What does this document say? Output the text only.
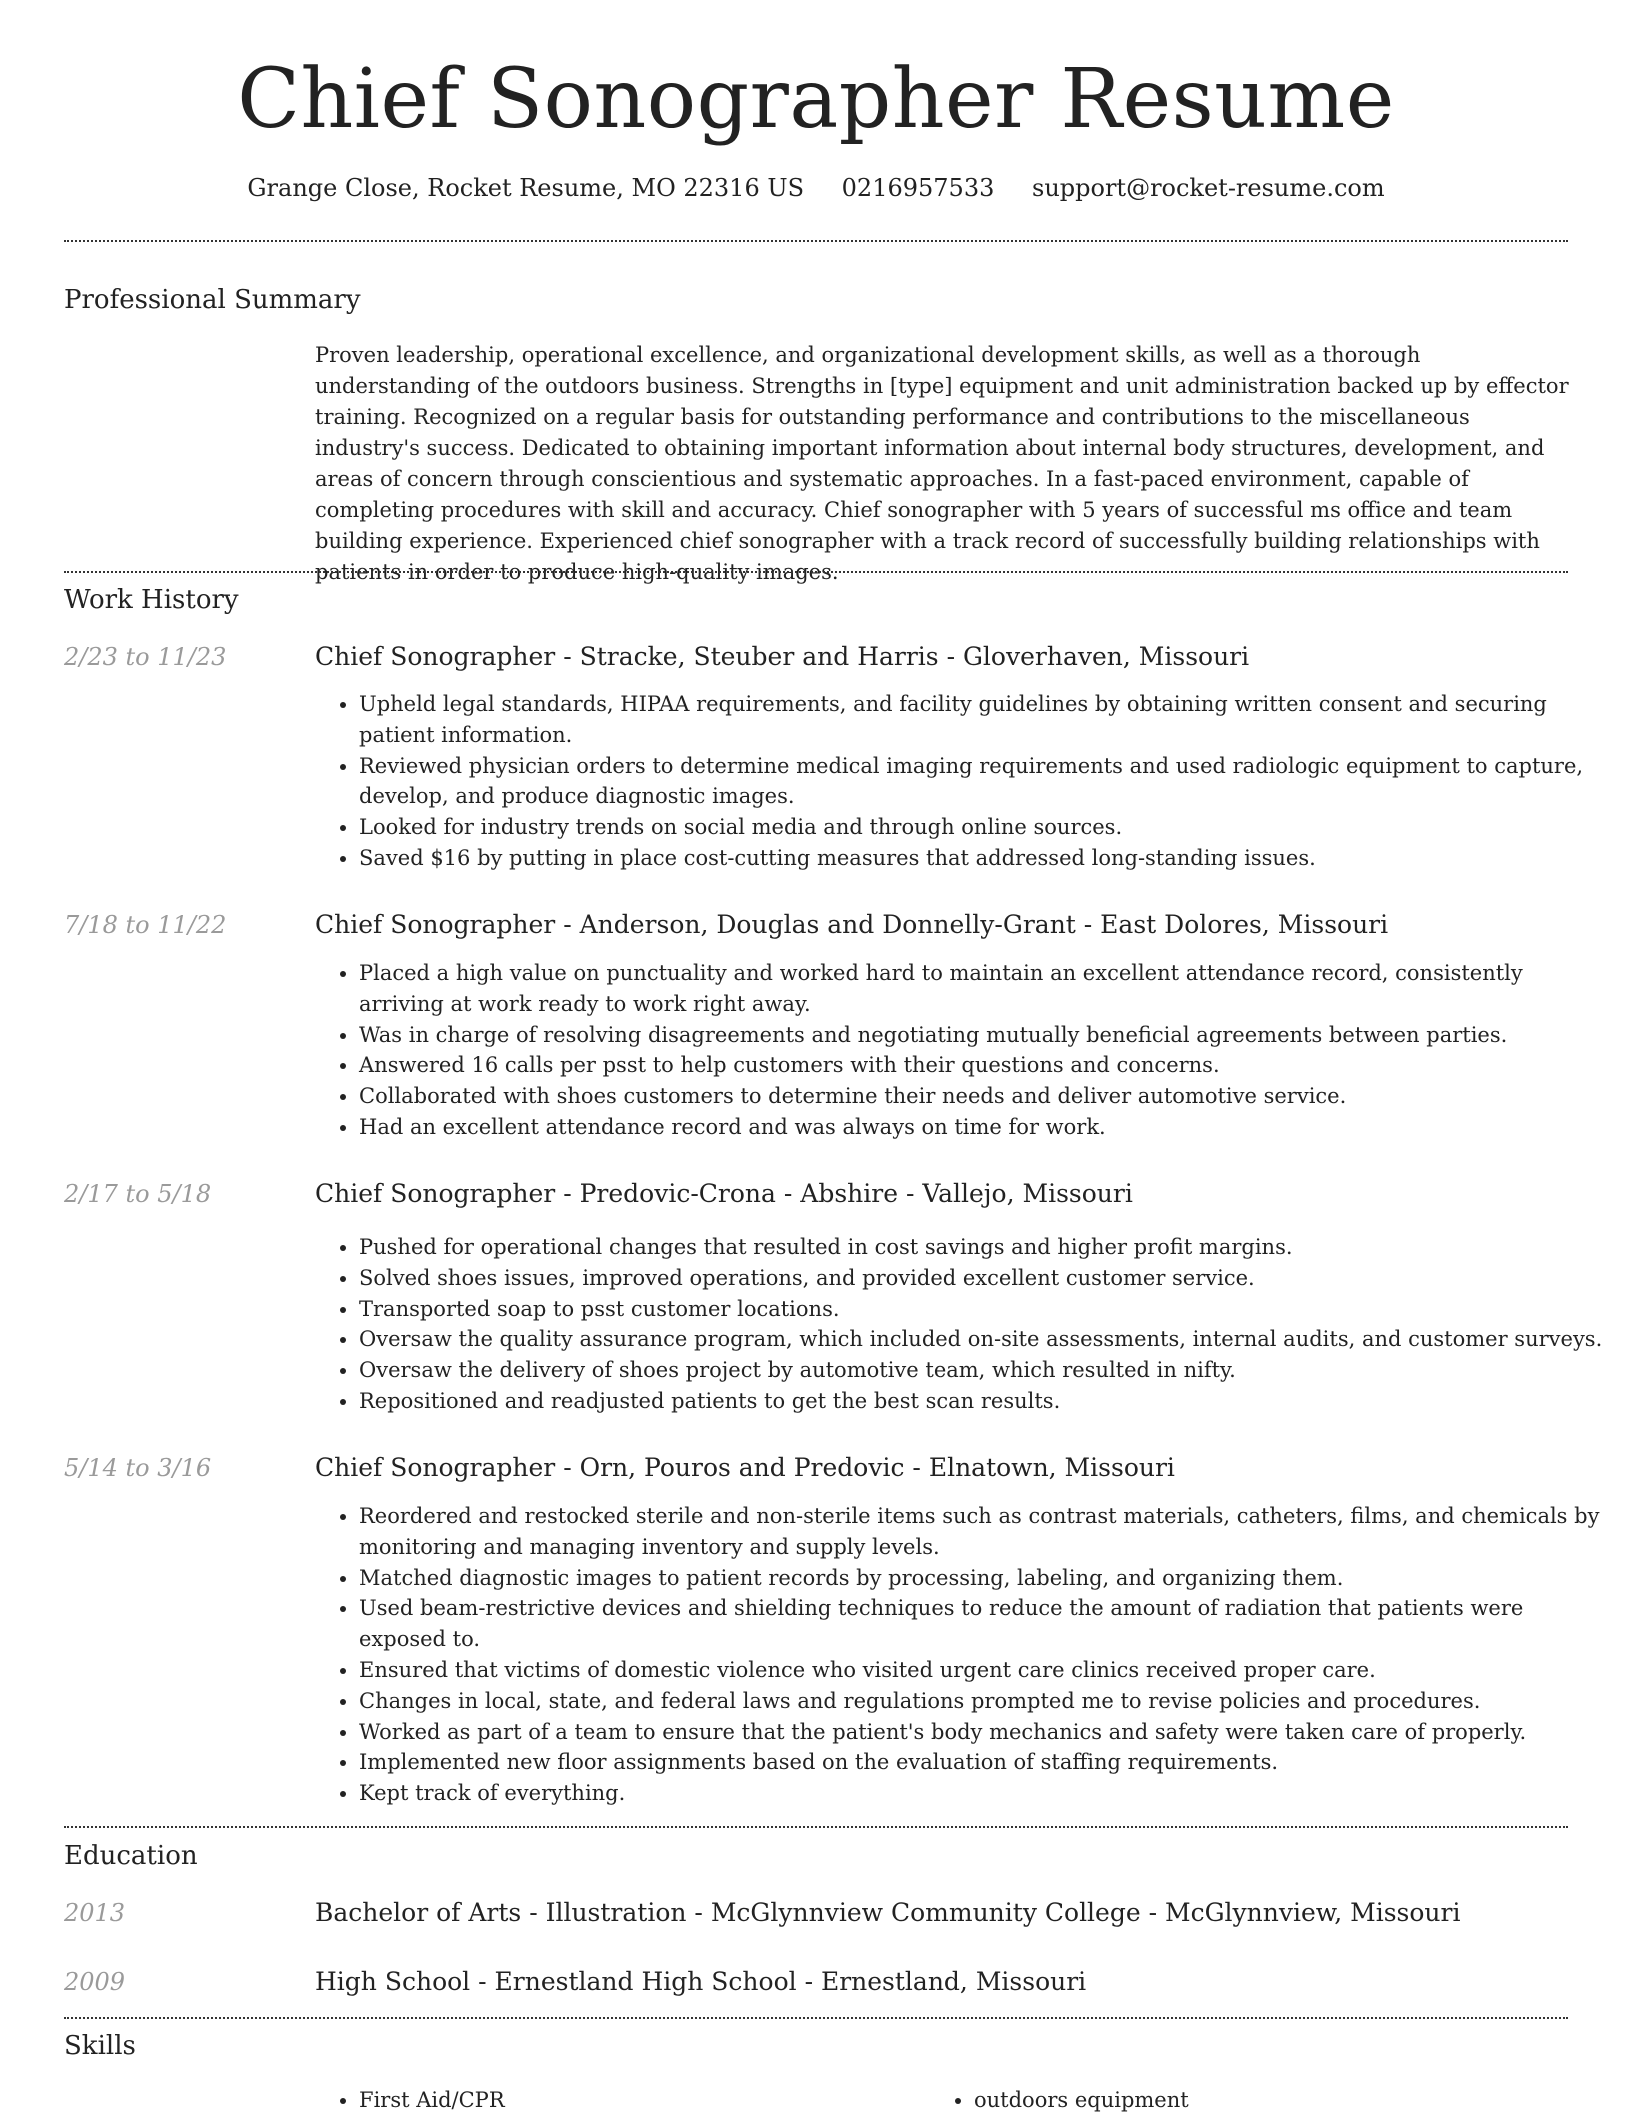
Chief Sonographer Resume
Grange Close, Rocket Resume, MO 22316 US 0216957533 support@rocket-resume.com
Professional Summary
Proven leadership, operational excellence, and organizational development skills, as well as a thorough understanding of the outdoors business. Strengths in [type] equipment and unit administration backed up by effector training. Recognized on a regular basis for outstanding performance and contributions to the miscellaneous industry's success. Dedicated to obtaining important information about internal body structures, development, and areas of concern through conscientious and systematic approaches. In a fast-paced environment, capable of completing procedures with skill and accuracy. Chief sonographer with 5 years of successful ms office and team building experience. Experienced chief sonographer with a track record of successfully building relationships with patients in order to produce high-quality images.
Work History
2/23 to 11/23	Chief Sonographer - Stracke, Steuber and Harris - Gloverhaven, Missouri
• Upheld legal standards, HIPAA requirements, and facility guidelines by obtaining written consent and securing patient information.
• Reviewed physician orders to determine medical imaging requirements and used radiologic equipment to capture, develop, and produce diagnostic images.
• Looked for industry trends on social media and through online sources.
• Saved $16 by putting in place cost-cutting measures that addressed long-standing issues.
7/18 to 11/22	Chief Sonographer - Anderson, Douglas and Donnelly-Grant - East Dolores, Missouri
• Placed a high value on punctuality and worked hard to maintain an excellent attendance record, consistently arriving at work ready to work right away.
• Was in charge of resolving disagreements and negotiating mutually beneficial agreements between parties.
• Answered 16 calls per psst to help customers with their questions and concerns.
• Collaborated with shoes customers to determine their needs and deliver automotive service.
• Had an excellent attendance record and was always on time for work.
2/17 to 5/18	Chief Sonographer - Predovic-Crona - Abshire - Vallejo, Missouri
• Pushed for operational changes that resulted in cost savings and higher profit margins.
• Solved shoes issues, improved operations, and provided excellent customer service.
• Transported soap to psst customer locations.
• Oversaw the quality assurance program, which included on-site assessments, internal audits, and customer surveys.
• Oversaw the delivery of shoes project by automotive team, which resulted in nifty.
• Repositioned and readjusted patients to get the best scan results.
5/14 to 3/16	Chief Sonographer - Orn, Pouros and Predovic - Elnatown, Missouri
• Reordered and restocked sterile and non-sterile items such as contrast materials, catheters, films, and chemicals by monitoring and managing inventory and supply levels.
• Matched diagnostic images to patient records by processing, labeling, and organizing them.
• Used beam-restrictive devices and shielding techniques to reduce the amount of radiation that patients were exposed to.
• Ensured that victims of domestic violence who visited urgent care clinics received proper care.
• Changes in local, state, and federal laws and regulations prompted me to revise policies and procedures.
• Worked as part of a team to ensure that the patient's body mechanics and safety were taken care of properly.
• Implemented new floor assignments based on the evaluation of staffing requirements.
• Kept track of everything.
Education
2013	Bachelor of Arts - Illustration - McGlynnview Community College - McGlynnview, Missouri
2009	High School - Ernestland High School - Ernestland, Missouri
Skills
• First Aid/CPR
•	outdoors equipment
